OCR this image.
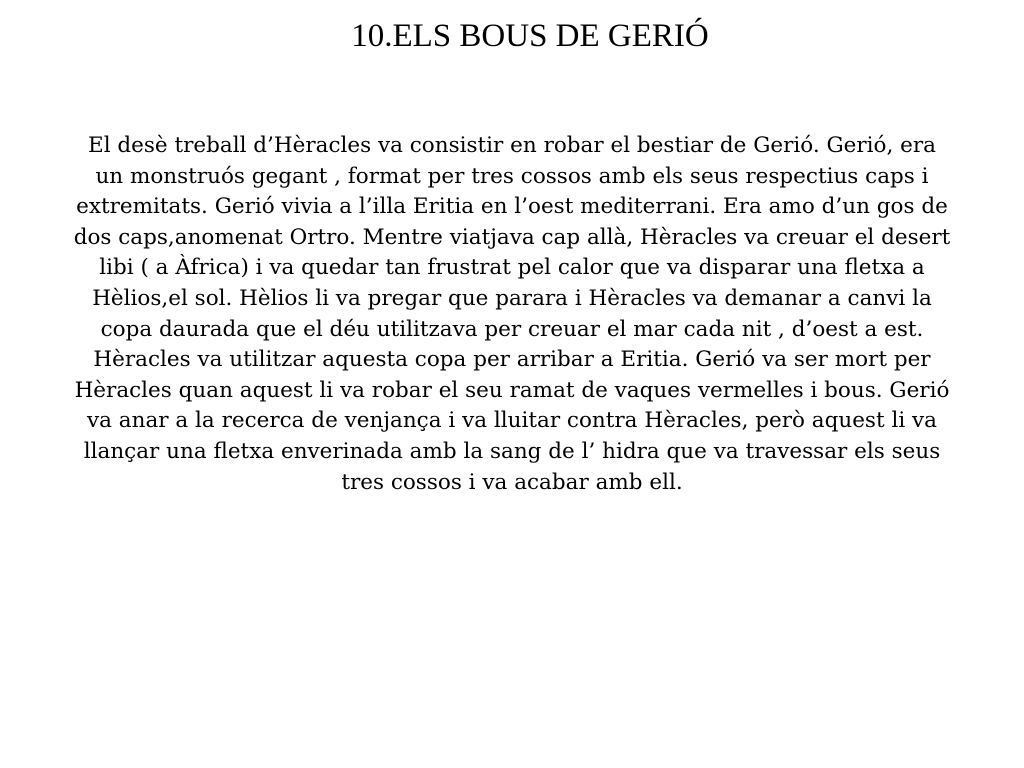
10.ELS BOUS DE GERIÓ

El desè treball d’Hèracles va consistir en robar el bestiar de Gerió. Gerió, era un monstruós gegant , format per tres cossos amb els seus respectius caps i extremitats. Gerió vivia a l’illa Eritia en l’oest mediterrani. Era amo d’un gos de dos caps,anomenat Ortro. Mentre viatjava cap allà, Hèracles va creuar el desert libi ( a Àfrica) i va quedar tan frustrat pel calor que va disparar una fletxa a Hèlios,el sol. Hèlios li va pregar que parara i Hèracles va demanar a canvi la copa daurada que el déu utilitzava per creuar el mar cada nit , d’oest a est. Hèracles va utilitzar aquesta copa per arribar a Eritia. Gerió va ser mort per Hèracles quan aquest li va robar el seu ramat de vaques vermelles i bous. Gerió va anar a la recerca de venjança i va lluitar contra Hèracles, però aquest li va llançar una fletxa enverinada amb la sang de l’ hidra que va travessar els seus tres cossos i va acabar amb ell.
